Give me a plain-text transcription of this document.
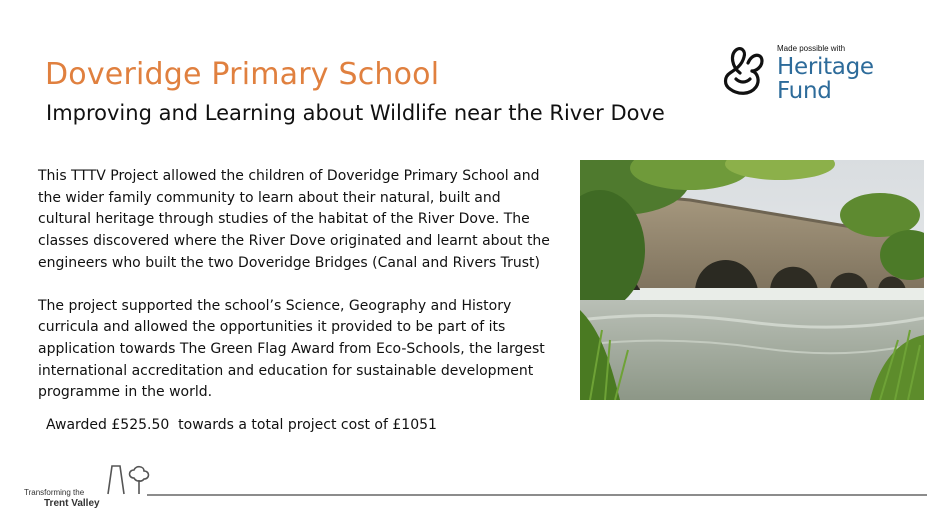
Doveridge Primary School
Improving and Learning about Wildlife near the River Dove
Made possible with
Heritage
Fund

This TTTV Project allowed the children of Doveridge Primary School and
the wider family community to learn about their natural, built and
cultural heritage through studies of the habitat of the River Dove. The
classes discovered where the River Dove originated and learnt about the
engineers who built the two Doveridge Bridges (Canal and Rivers Trust)

The project supported the school’s Science, Geography and History
curricula and allowed the opportunities it provided to be part of its
application towards The Green Flag Award from Eco-Schools, the largest
international accreditation and education for sustainable development
programme in the world.

Awarded £525.50  towards a total project cost of £1051
Transforming the
Trent Valley
